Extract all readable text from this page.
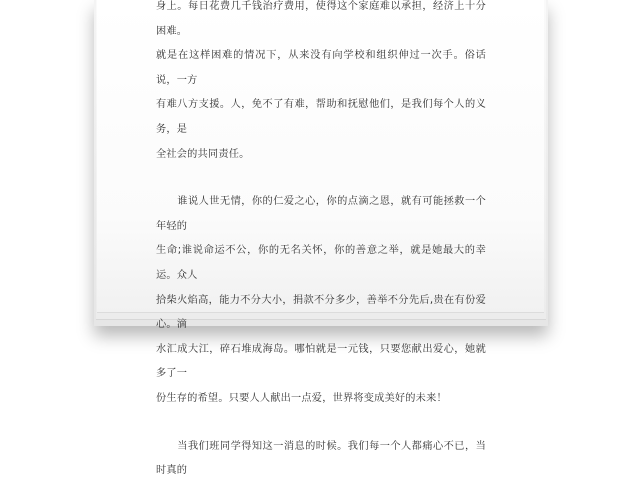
身上。每日花费几千钱治疗费用，使得这个家庭难以承担，经济上十分困难。
就是在这样困难的情况下，从来没有向学校和组织伸过一次手。俗话说，一方
有难八方支援。人，免不了有难，帮助和抚慰他们，是我们每个人的义务，是
全社会的共同责任。
　　谁说人世无情，你的仁爱之心，你的点滴之恩，就有可能拯救一个年轻的
生命;谁说命运不公，你的无名关怀，你的善意之举，就是她最大的幸运。众人
拾柴火焰高，能力不分大小，捐款不分多少，善举不分先后,贵在有份爱心。滴
水汇成大江，碎石堆成海岛。哪怕就是一元钱，只要您献出爱心，她就多了一
份生存的希望。只要人人献出一点爱，世界将变成美好的未来！
　　当我们班同学得知这一消息的时候。我们每一个人都痛心不已，当时真的
